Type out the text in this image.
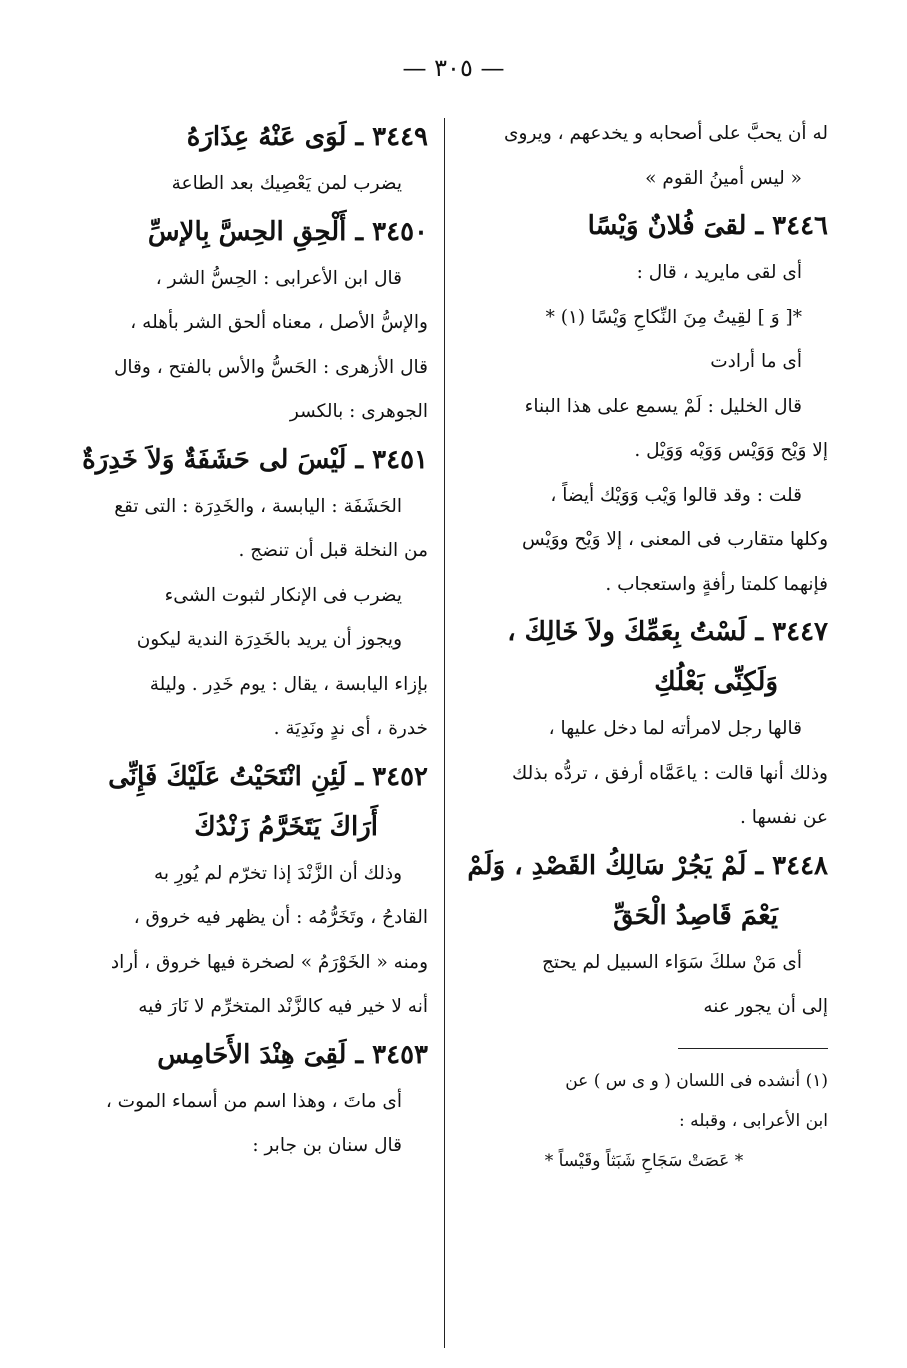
— ٣٠٥ —
له أن يحبَّ على أصحابه و يخدعهم ، ويروى
« ليس أمينُ القوم »
٣٤٤٦ ـ لقىَ فُلانٌ وَيْسًا
أى لقى مايريد ، قال :
*[ وَ ] لقِيتُ مِنَ النِّكاحِ وَيْسًا (١) *
أى ما أرادت
قال الخليل : لَمْ يسمع على هذا البناء
إلا وَيْح وَوَيْس وَوَيْه وَوَيْل .
قلت : وقد قالوا وَيْب وَوَيْك أيضاً ،
وكلها متقارب فى المعنى ، إلا وَيْح ووَيْس
فإنهما كلمتا رأفةٍ واستعجاب .
٣٤٤٧ ـ لَسْتُ بِعَمِّكَ ولاَ خَالِكَ ،
وَلَكِنِّى بَعْلُكِ
قالها رجل لامرأته لما دخل عليها ،
وذلك أنها قالت : ياعَمَّاه أرفق ، تردُّه بذلك
عن نفسها .
٣٤٤٨ ـ لَمْ يَجُرْ سَالِكُ القَصْدِ ، وَلَمْ
يَعْمَ قَاصِدُ الْحَقِّ
أى مَنْ سلكَ سَوَاء السبيل لم يحتج
إلى أن يجور عنه
(١) أنشده فى اللسان ( و ى س ) عن
ابن الأعرابى ، وقبله :
* عَصَتْ سَجَاحِ شَبَثاً وقَيْساً *
٣٤٤٩ ـ لَوَى عَنْهُ عِذَارَهُ
يضرب لمن يَعْصِيك بعد الطاعة
٣٤٥٠ ـ أَلْحِقِ الحِسَّ بِالإسِّ
قال ابن الأعرابى : الحِسُّ الشر ،
والإسُّ الأصل ، معناه ألحق الشر بأهله ،
قال الأزهرى : الحَسُّ والأس بالفتح ، وقال
الجوهرى : بالكسر
٣٤٥١ ـ لَيْسَ لى حَشَفَةٌ وَلاَ خَدِرَةٌ
الحَشَفَة : اليابسة ، والخَدِرَة : التى تقع
من النخلة قبل أن تنضج .
يضرب فى الإنكار لثبوت الشىء
ويجوز أن يريد بالخَدِرَة الندية ليكون
بإزاء اليابسة ، يقال : يوم خَدِر . وليلة
خدرة ، أى ندٍ ونَدِيَة .
٣٤٥٢ ـ لَئِنِ انْتَحَيْتُ عَلَيْكَ فَإِنِّى
أَرَاكَ يَتَخَرَّمُ زَنْدُكَ
وذلك أن الزَّنْدَ إذا تخرّم لم يُورِ به
القادحُ ، وتَخَرُّمُه : أن يظهر فيه خروق ،
ومنه « الخَوْرَمُ » لصخرة فيها خروق ، أراد
أنه لا خير فيه كالزَّنْد المتخرِّم لا نَارَ فيه
٣٤٥٣ ـ لَقِىَ هِنْدَ الأَحَامِس
أى ماتَ ، وهذا اسم من أسماء الموت ،
قال سنان بن جابر :
